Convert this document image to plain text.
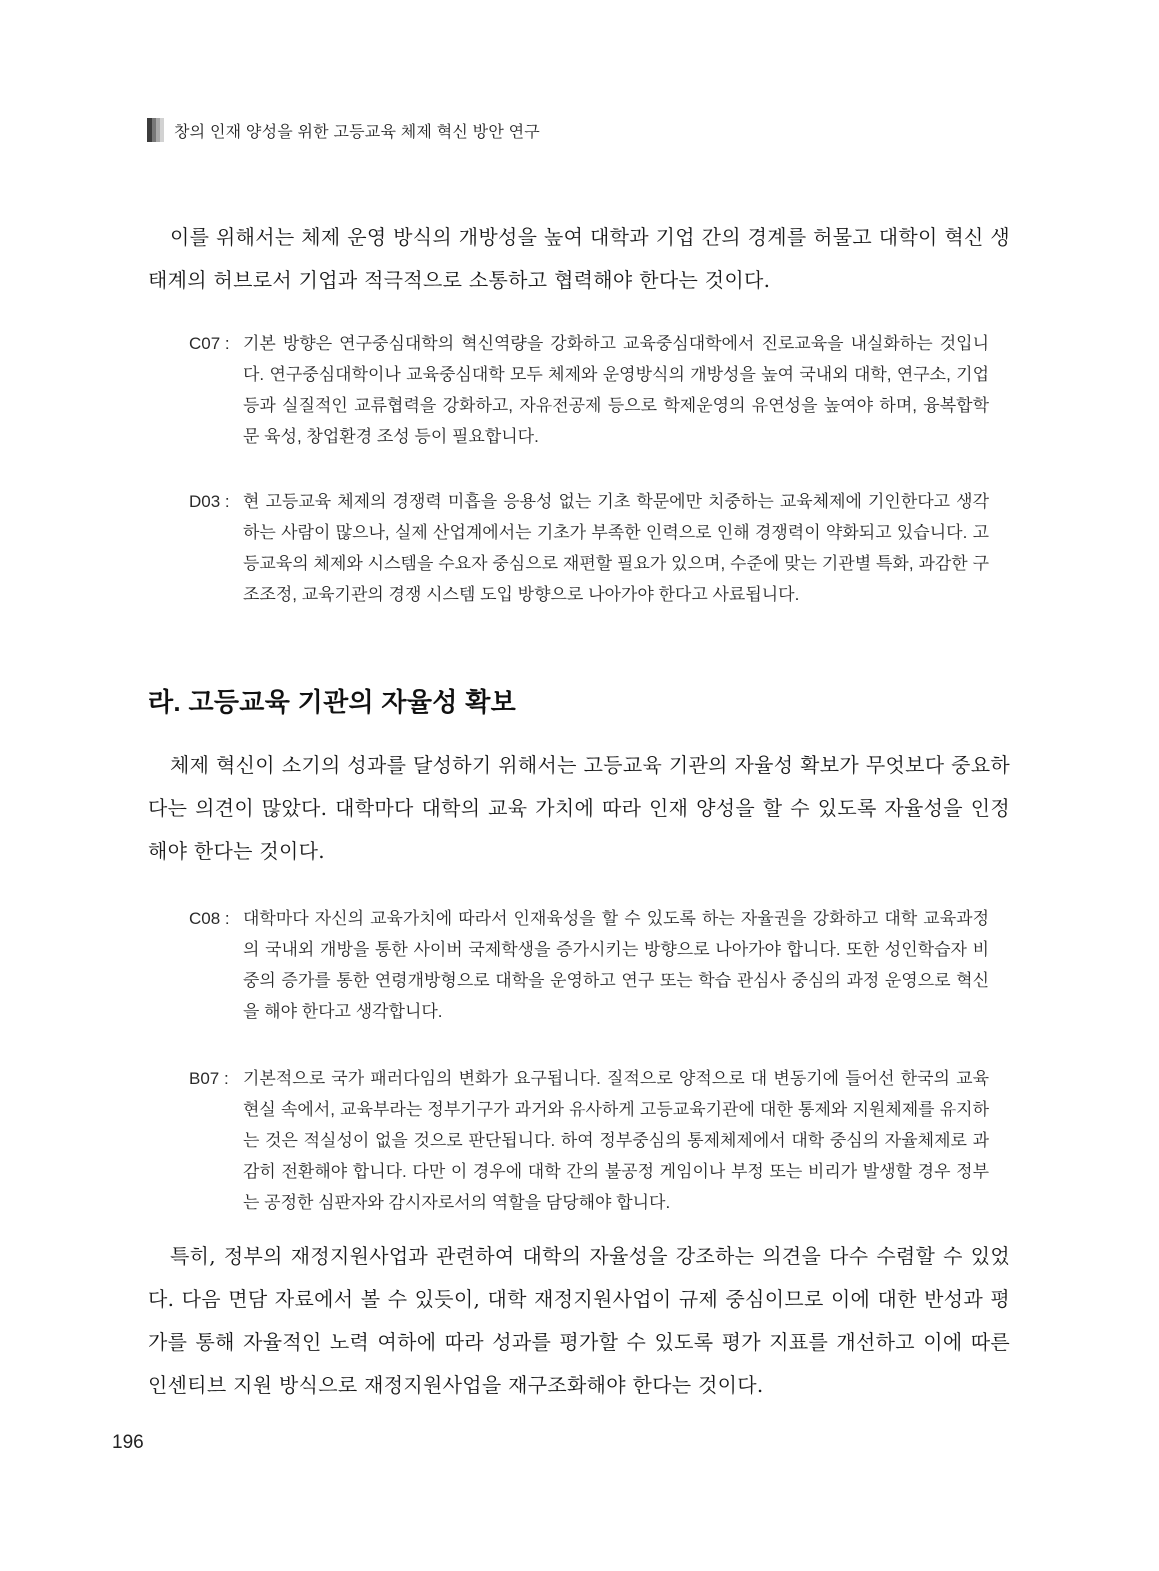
창의 인재 양성을 위한 고등교육 체제 혁신 방안 연구

이를 위해서는 체제 운영 방식의 개방성을 높여 대학과 기업 간의 경계를 허물고 대학이 혁신 생태계의 허브로서 기업과 적극적으로 소통하고 협력해야 한다는 것이다.

C07 : 기본 방향은 연구중심대학의 혁신역량을 강화하고 교육중심대학에서 진로교육을 내실화하는 것입니다. 연구중심대학이나 교육중심대학 모두 체제와 운영방식의 개방성을 높여 국내외 대학, 연구소, 기업 등과 실질적인 교류협력을 강화하고, 자유전공제 등으로 학제운영의 유연성을 높여야 하며, 융복합학문 육성, 창업환경 조성 등이 필요합니다.
D03 : 현 고등교육 체제의 경쟁력 미흡을 응용성 없는 기초 학문에만 치중하는 교육체제에 기인한다고 생각하는 사람이 많으나, 실제 산업계에서는 기초가 부족한 인력으로 인해 경쟁력이 약화되고 있습니다. 고등교육의 체제와 시스템을 수요자 중심으로 재편할 필요가 있으며, 수준에 맞는 기관별 특화, 과감한 구조조정, 교육기관의 경쟁 시스템 도입 방향으로 나아가야 한다고 사료됩니다.
라. 고등교육 기관의 자율성 확보

체제 혁신이 소기의 성과를 달성하기 위해서는 고등교육 기관의 자율성 확보가 무엇보다 중요하다는 의견이 많았다. 대학마다 대학의 교육 가치에 따라 인재 양성을 할 수 있도록 자율성을 인정해야 한다는 것이다.

C08 : 대학마다 자신의 교육가치에 따라서 인재육성을 할 수 있도록 하는 자율권을 강화하고 대학 교육과정의 국내외 개방을 통한 사이버 국제학생을 증가시키는 방향으로 나아가야 합니다. 또한 성인학습자 비중의 증가를 통한 연령개방형으로 대학을 운영하고 연구 또는 학습 관심사 중심의 과정 운영으로 혁신을 해야 한다고 생각합니다.
B07 : 기본적으로 국가 패러다임의 변화가 요구됩니다. 질적으로 양적으로 대 변동기에 들어선 한국의 교육 현실 속에서, 교육부라는 정부기구가 과거와 유사하게 고등교육기관에 대한 통제와 지원체제를 유지하는 것은 적실성이 없을 것으로 판단됩니다. 하여 정부중심의 통제체제에서 대학 중심의 자율체제로 과감히 전환해야 합니다. 다만 이 경우에 대학 간의 불공정 게임이나 부정 또는 비리가 발생할 경우 정부는 공정한 심판자와 감시자로서의 역할을 담당해야 합니다.

특히, 정부의 재정지원사업과 관련하여 대학의 자율성을 강조하는 의견을 다수 수렴할 수 있었다. 다음 면담 자료에서 볼 수 있듯이, 대학 재정지원사업이 규제 중심이므로 이에 대한 반성과 평가를 통해 자율적인 노력 여하에 따라 성과를 평가할 수 있도록 평가 지표를 개선하고 이에 따른 인센티브 지원 방식으로 재정지원사업을 재구조화해야 한다는 것이다.

196
